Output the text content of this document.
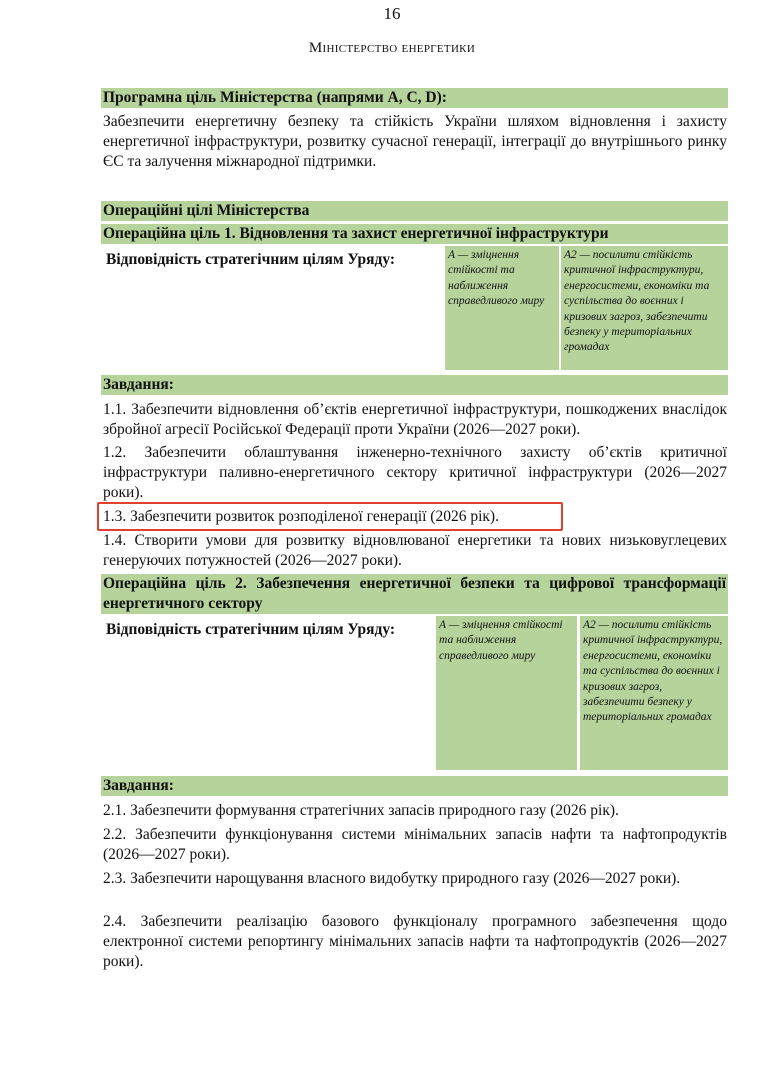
16
Міністерство енергетики
Програмна ціль Міністерства (напрями А, C, D):
Забезпечити енергетичну безпеку та стійкість України шляхом відновлення і захисту енергетичної інфраструктури, розвитку сучасної генерації, інтеграції до внутрішнього ринку ЄС та залучення міжнародної підтримки.
Операційні цілі Міністерства
Операційна ціль 1. Відновлення та захист енергетичної інфраструктури
Відповідність стратегічним цілям Уряду:	А — зміцнення стійкості та наближення справедливого миру
А2 — посилити стійкість критичної інфраструктури, енергосистеми, економіки та суспільства до воєнних і кризових загроз, забезпечити безпеку у територіальних громадах
Завдання:
1.1. Забезпечити відновлення об’єктів енергетичної інфраструктури, пошкоджених внаслідок збройної агресії Російської Федерації проти України (2026—2027 роки).
1.2. Забезпечити облаштування інженерно-технічного захисту об’єктів критичної інфраструктури паливно-енергетичного сектору критичної інфраструктури (2026—2027 роки).
1.3. Забезпечити розвиток розподіленої генерації (2026 рік).
1.4. Створити умови для розвитку відновлюваної енергетики та нових низьковуглецевих генеруючих потужностей (2026—2027 роки).
Операційна ціль 2. Забезпечення енергетичної безпеки та цифрової трансформації енергетичного сектору
Відповідність стратегічним цілям Уряду:	А — зміцнення стійкості та наближення справедливого миру
А2 — посилити стійкість критичної інфраструктури, енергосистеми, економіки та суспільства до воєнних і кризових загроз, забезпечити безпеку у територіальних громадах
Завдання:
2.1. Забезпечити формування стратегічних запасів природного газу (2026 рік).
2.2. Забезпечити функціонування системи мінімальних запасів нафти та нафтопродуктів (2026—2027 роки).
2.3. Забезпечити нарощування власного видобутку природного газу (2026—2027 роки).
2.4. Забезпечити реалізацію базового функціоналу програмного забезпечення щодо електронної системи репортингу мінімальних запасів нафти та нафтопродуктів (2026—2027 роки).
